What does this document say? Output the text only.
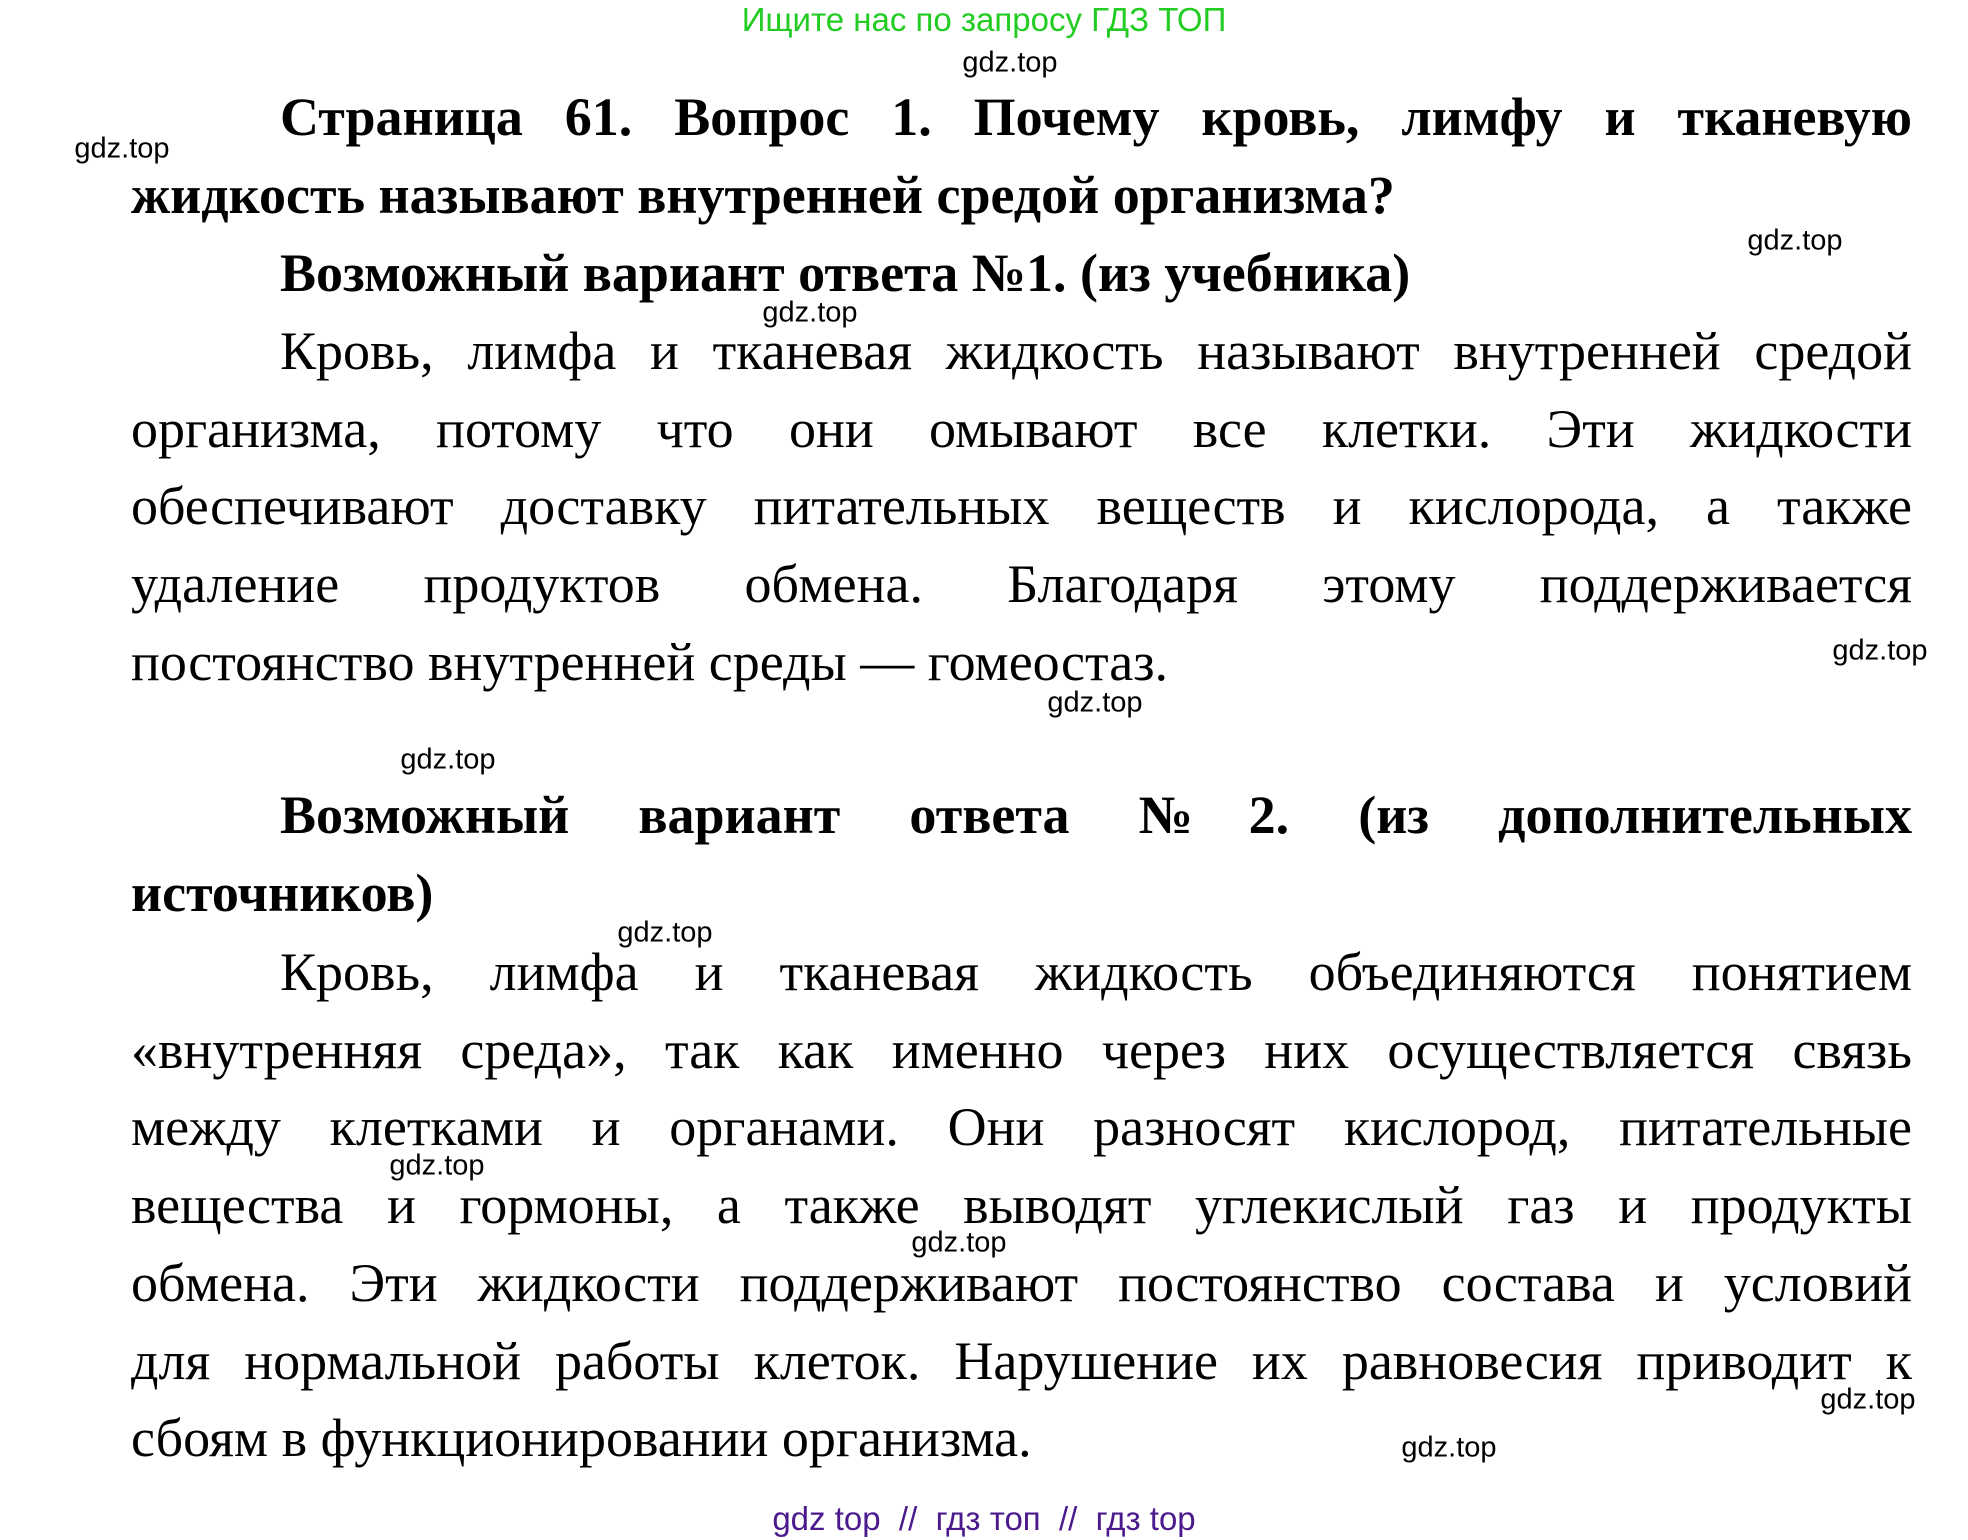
Ищите нас по запросу ГДЗ ТОП
Страница 61. Вопрос 1. Почему кровь, лимфу и тканевую
жидкость называют внутренней средой организма?
Возможный вариант ответа №1. (из учебника)
Кровь, лимфа и тканевая жидкость называют внутренней средой
организма, потому что они омывают все клетки. Эти жидкости
обеспечивают доставку питательных веществ и кислорода, а также
удаление продуктов обмена. Благодаря этому поддерживается
постоянство внутренней среды — гомеостаз.
Возможный вариант ответа №2. (из дополнительных
источников)
Кровь, лимфа и тканевая жидкость объединяются понятием
«внутренняя среда», так как именно через них осуществляется связь
между клетками и органами. Они разносят кислород, питательные
вещества и гормоны, а также выводят углекислый газ и продукты
обмена. Эти жидкости поддерживают постоянство состава и условий
для нормальной работы клеток. Нарушение их равновесия приводит к
сбоям в функционировании организма.
gdz.top
gdz.top
gdz.top
gdz.top
gdz.top
gdz.top
gdz.top
gdz.top
gdz.top
gdz.top
gdz.top
gdz.top
gdz top  //  гдз топ  //  гдз top
